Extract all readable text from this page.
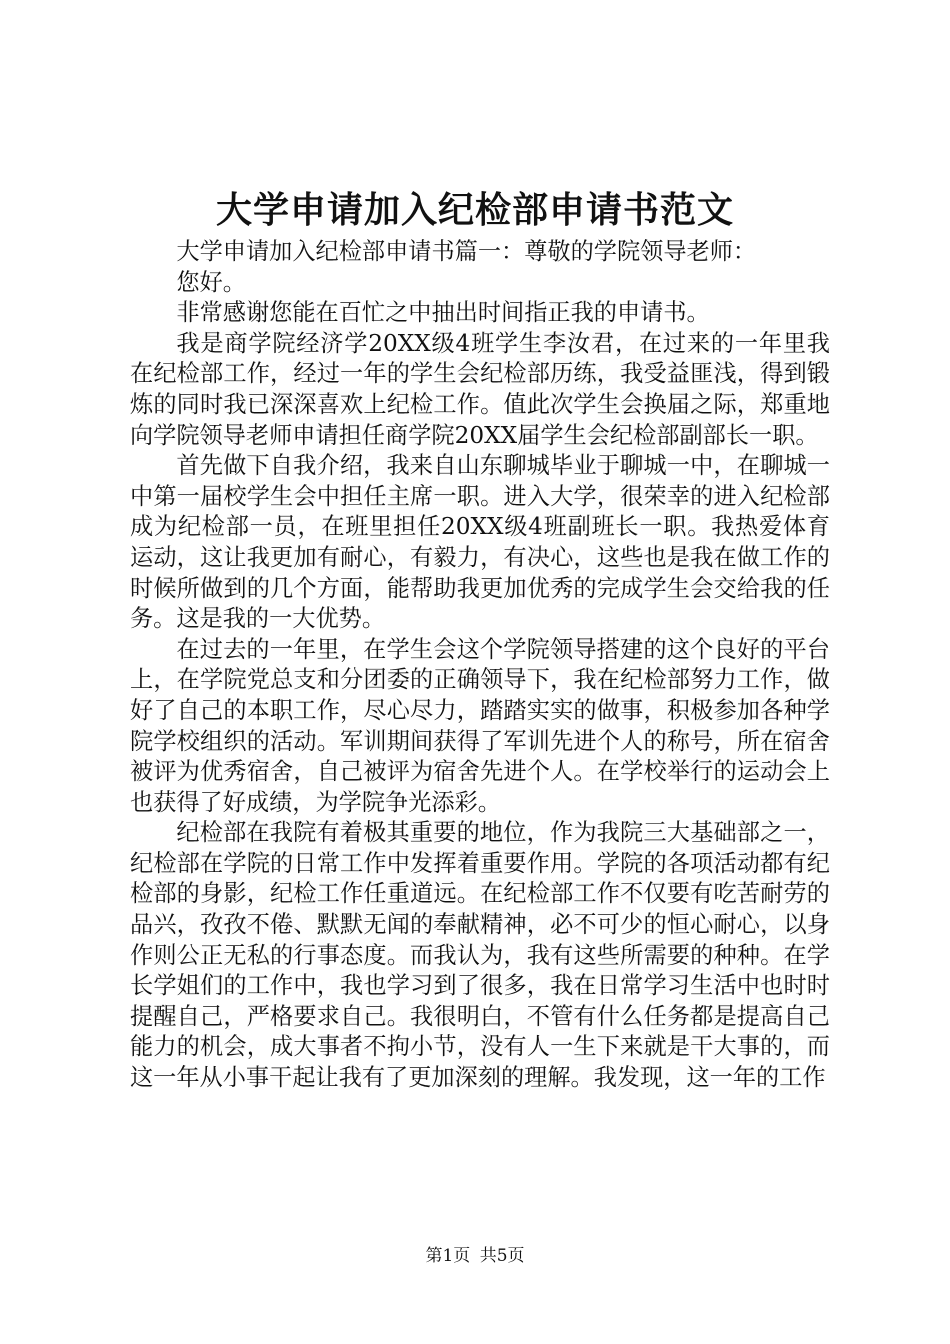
大学申请加入纪检部申请书范文

大学申请加入纪检部申请书篇一：尊敬的学院领导老师：

您好。

非常感谢您能在百忙之中抽出时间指正我的申请书。

我是商学院经济学20XX级4班学生李汝君，在过来的一年里我在纪检部工作，经过一年的学生会纪检部历练，我受益匪浅，得到锻炼的同时我已深深喜欢上纪检工作。值此次学生会换届之际，郑重地向学院领导老师申请担任商学院20XX届学生会纪检部副部长一职。

首先做下自我介绍，我来自山东聊城毕业于聊城一中，在聊城一中第一届校学生会中担任主席一职。进入大学，很荣幸的进入纪检部成为纪检部一员，在班里担任20XX级4班副班长一职。我热爱体育运动，这让我更加有耐心，有毅力，有决心，这些也是我在做工作的时候所做到的几个方面，能帮助我更加优秀的完成学生会交给我的任务。这是我的一大优势。

在过去的一年里，在学生会这个学院领导搭建的这个良好的平台上，在学院党总支和分团委的正确领导下，我在纪检部努力工作，做好了自己的本职工作，尽心尽力，踏踏实实的做事，积极参加各种学院学校组织的活动。军训期间获得了军训先进个人的称号，所在宿舍被评为优秀宿舍，自己被评为宿舍先进个人。在学校举行的运动会上也获得了好成绩，为学院争光添彩。

纪检部在我院有着极其重要的地位，作为我院三大基础部之一，纪检部在学院的日常工作中发挥着重要作用。学院的各项活动都有纪检部的身影，纪检工作任重道远。在纪检部工作不仅要有吃苦耐劳的品兴，孜孜不倦、默默无闻的奉献精神，必不可少的恒心耐心，以身作则公正无私的行事态度。而我认为，我有这些所需要的种种。在学长学姐们的工作中，我也学习到了很多，我在日常学习生活中也时时提醒自己，严格要求自己。我很明白，不管有什么任务都是提高自己能力的机会，成大事者不拘小节，没有人一生下来就是干大事的，而这一年从小事干起让我有了更加深刻的理解。我发现，这一年的工作

第1页 共5页
